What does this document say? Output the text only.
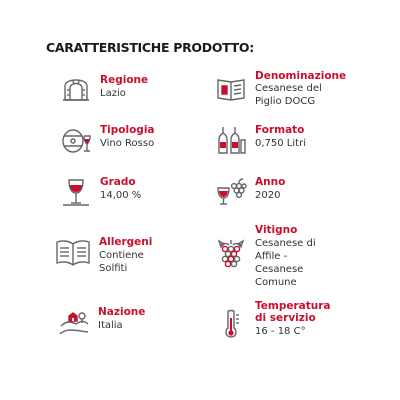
CARATTERISTICHE PRODOTTO:
Regione
Lazio
Denominazione
Cesanese del
Piglio DOCG
Tipologia
Vino Rosso
Formato
0,750 Litri
Grado
14,00 %
Anno
2020
Allergeni
Contiene
Solfiti
Vitigno
Cesanese di
Affile -
Cesanese
Comune
Nazione
Italia
Temperatura
di servizio
16 - 18 C°
